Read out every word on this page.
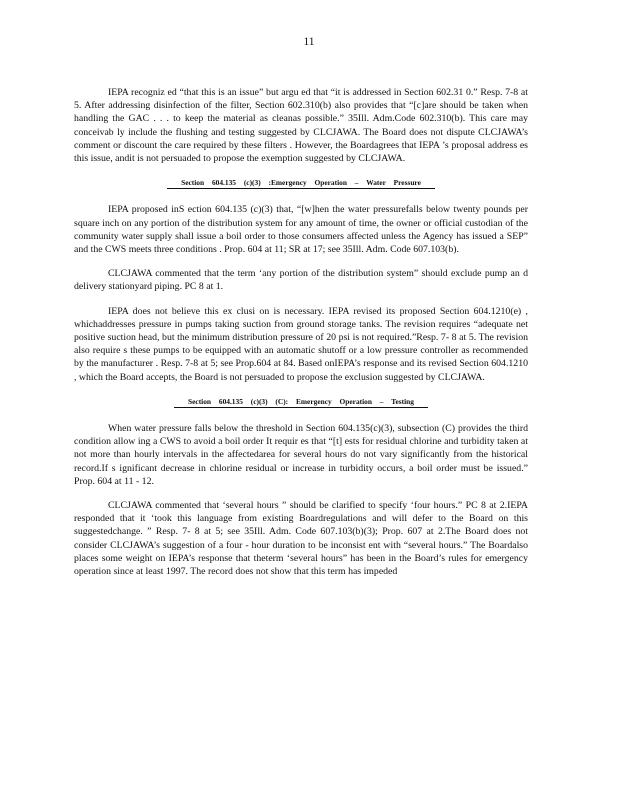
11

IEPA recogniz ed “that this is an issue” but argu ed that “it is addressed in Section 602.31 0.” Resp. 7-8 at 5. After addressing disinfection of the filter, Section 602.310(b) also provides that “[c]are should be taken when handling the GAC . . . to keep the material as cleanas possible.” 35Ill. Adm.Code 602.310(b). This care may conceivab ly include the flushing and testing suggested by CLCJAWA. The Board does not dispute CLCJAWA’s comment or discount the care required by these filters . However, the Boardagrees that IEPA ’s proposal address es this issue, andit is not persuaded to propose the exemption suggested by CLCJAWA.

Section 604.135 (c)(3) :Emergency Operation – Water Pressure

IEPA proposed inS ection 604.135 (c)(3) that, “[w]hen the water pressurefalls below twenty pounds per square inch on any portion of the distribution system for any amount of time, the owner or official custodian of the community water supply shall issue a boil order to those consumers affected unless the Agency has issued a SEP” and the CWS meets three conditions . Prop. 604 at 11; SR at 17; see 35Ill. Adm. Code 607.103(b).

CLCJAWA commented that the term ‘any portion of the distribution system” should exclude pump an d delivery stationyard piping. PC 8 at 1.

IEPA does not believe this ex clusi on is necessary. IEPA revised its proposed Section 604.1210(e) , whichaddresses pressure in pumps taking suction from ground storage tanks. The revision requires “adequate net positive suction head, but the minimum distribution pressure of 20 psi is not required.”Resp. 7- 8 at 5. The revision also require s these pumps to be equipped with an automatic shutoff or a low pressure controller as recommended by the manufacturer . Resp. 7-8 at 5; see Prop.604 at 84. Based onIEPA’s response and its revised Section 604.1210 , which the Board accepts, the Board is not persuaded to propose the exclusion suggested by CLCJAWA.

Section 604.135 (c)(3) (C): Emergency Operation – Testing

When water pressure falls below the threshold in Section 604.135(c)(3), subsection (C) provides the third condition allow ing a CWS to avoid a boil order It requir es that “[t] ests for residual chlorine and turbidity taken at not more than hourly intervals in the affectedarea for several hours do not vary significantly from the historical record.If s ignificant decrease in chlorine residual or increase in turbidity occurs, a boil order must be issued.” Prop. 604 at 11 - 12.

CLCJAWA commented that ‘several hours ” should be clarified to specify ‘four hours.” PC 8 at 2.IEPA responded that it ‘took this language from existing Boardregulations and will defer to the Board on this suggestedchange. ” Resp. 7- 8 at 5; see 35Ill. Adm. Code 607.103(b)(3); Prop. 607 at 2.The Board does not consider CLCJAWA’s suggestion of a four - hour duration to be inconsist ent with “several hours.” The Boardalso places some weight on IEPA’s response that theterm ‘several hours” has been in the Board’s rules for emergency operation since at least 1997. The record does not show that this term has impeded
